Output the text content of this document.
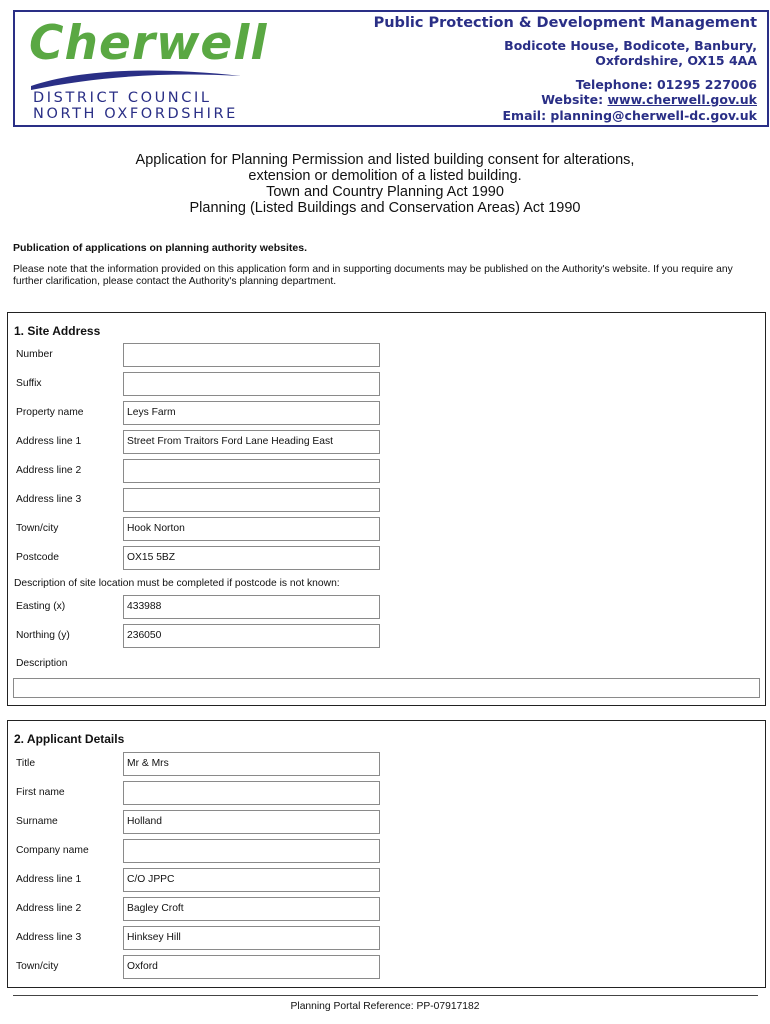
Cherwell
DISTRICT COUNCIL
NORTH OXFORDSHIRE
Public Protection & Development Management
Bodicote House, Bodicote, Banbury,
Oxfordshire, OX15 4AA
Telephone: 01295 227006
Website: www.cherwell.gov.uk
Email: planning@cherwell-dc.gov.uk
Application for Planning Permission and listed building consent for alterations,
extension or demolition of a listed building.
Town and Country Planning Act 1990
Planning (Listed Buildings and Conservation Areas) Act 1990
Publication of applications on planning authority websites.
Please note that the information provided on this application form and in supporting documents may be published on the Authority's website. If you require any further clarification, please contact the Authority's planning department.
1. Site Address
Number
Suffix
Property name	Leys Farm
Address line 1	Street From Traitors Ford Lane Heading East
Address line 2
Address line 3
Town/city	Hook Norton
Postcode	OX15 5BZ
Description of site location must be completed if postcode is not known:
Easting (x)	433988
Northing (y)	236050
Description
2. Applicant Details
Title	Mr & Mrs
First name
Surname	Holland
Company name
Address line 1	C/O JPPC
Address line 2	Bagley Croft
Address line 3	Hinksey Hill
Town/city	Oxford
Planning Portal Reference: PP-07917182
